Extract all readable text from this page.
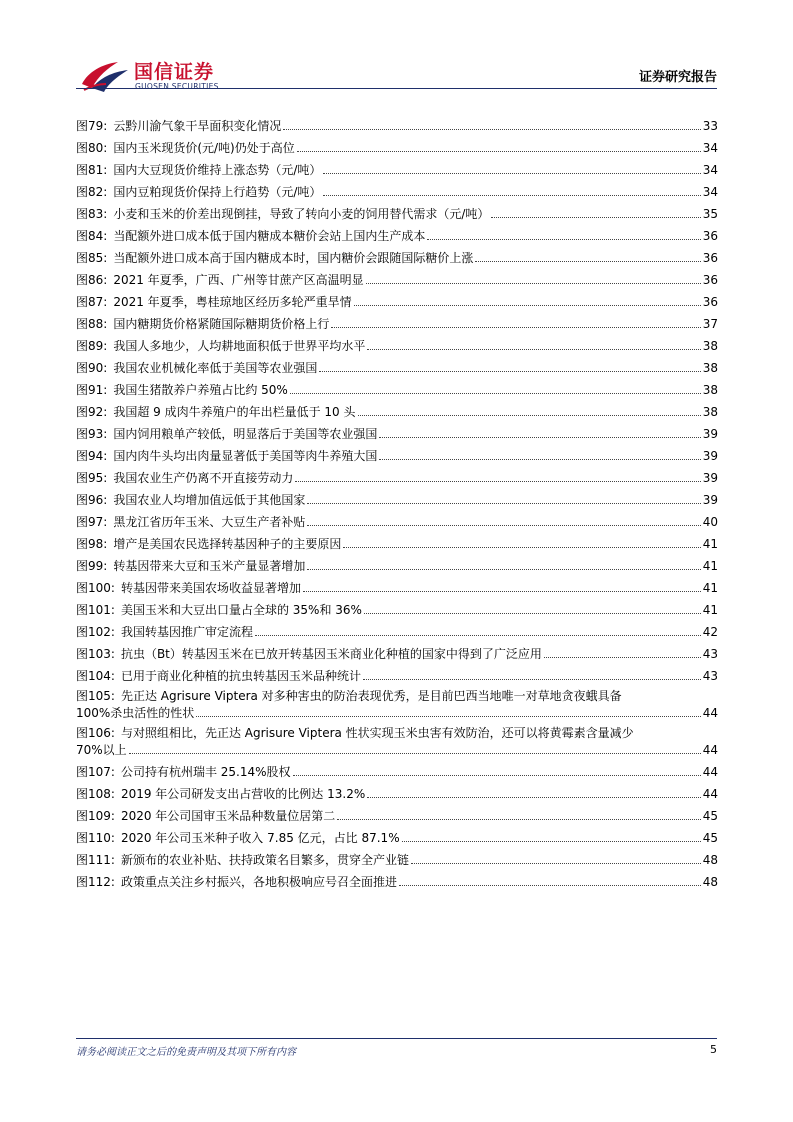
国信证券
GUOSEN SECURITIES
证券研究报告
图79: 云黔川渝气象干旱面积变化情况	33
图80: 国内玉米现货价(元/吨)仍处于高位	34
图81: 国内大豆现货价维持上涨态势（元/吨）	34
图82: 国内豆粕现货价保持上行趋势（元/吨）	34
图83: 小麦和玉米的价差出现倒挂，导致了转向小麦的饲用替代需求（元/吨）	35
图84: 当配额外进口成本低于国内糖成本糖价会站上国内生产成本	36
图85: 当配额外进口成本高于国内糖成本时，国内糖价会跟随国际糖价上涨	36
图86: 2021 年夏季，广西、广州等甘蔗产区高温明显	36
图87: 2021 年夏季，粤桂琼地区经历多轮严重旱情	36
图88: 国内糖期货价格紧随国际糖期货价格上行	37
图89: 我国人多地少，人均耕地面积低于世界平均水平	38
图90: 我国农业机械化率低于美国等农业强国	38
图91: 我国生猪散养户养殖占比约 50%	38
图92: 我国超 9 成肉牛养殖户的年出栏量低于 10 头	38
图93: 国内饲用粮单产较低，明显落后于美国等农业强国	39
图94: 国内肉牛头均出肉量显著低于美国等肉牛养殖大国	39
图95: 我国农业生产仍离不开直接劳动力	39
图96: 我国农业人均增加值远低于其他国家	39
图97: 黑龙江省历年玉米、大豆生产者补贴	40
图98: 增产是美国农民选择转基因种子的主要原因	41
图99: 转基因带来大豆和玉米产量显著增加	41
图100: 转基因带来美国农场收益显著增加	41
图101: 美国玉米和大豆出口量占全球的 35%和 36%	41
图102: 我国转基因推广审定流程	42
图103: 抗虫（Bt）转基因玉米在已放开转基因玉米商业化种植的国家中得到了广泛应用	43
图104: 已用于商业化种植的抗虫转基因玉米品种统计	43
图105: 先正达 Agrisure Viptera 对多种害虫的防治表现优秀，是目前巴西当地唯一对草地贪夜蛾具备
100%杀虫活性的性状	44
图106: 与对照组相比，先正达 Agrisure Viptera 性状实现玉米虫害有效防治，还可以将黄霉素含量减少
70%以上	44
图107: 公司持有杭州瑞丰 25.14%股权	44
图108: 2019 年公司研发支出占营收的比例达 13.2%	44
图109: 2020 年公司国审玉米品种数量位居第二	45
图110: 2020 年公司玉米种子收入 7.85 亿元，占比 87.1%	45
图111: 新颁布的农业补贴、扶持政策名目繁多，贯穿全产业链	48
图112: 政策重点关注乡村振兴，各地积极响应号召全面推进	48
请务必阅读正文之后的免责声明及其项下所有内容	5
